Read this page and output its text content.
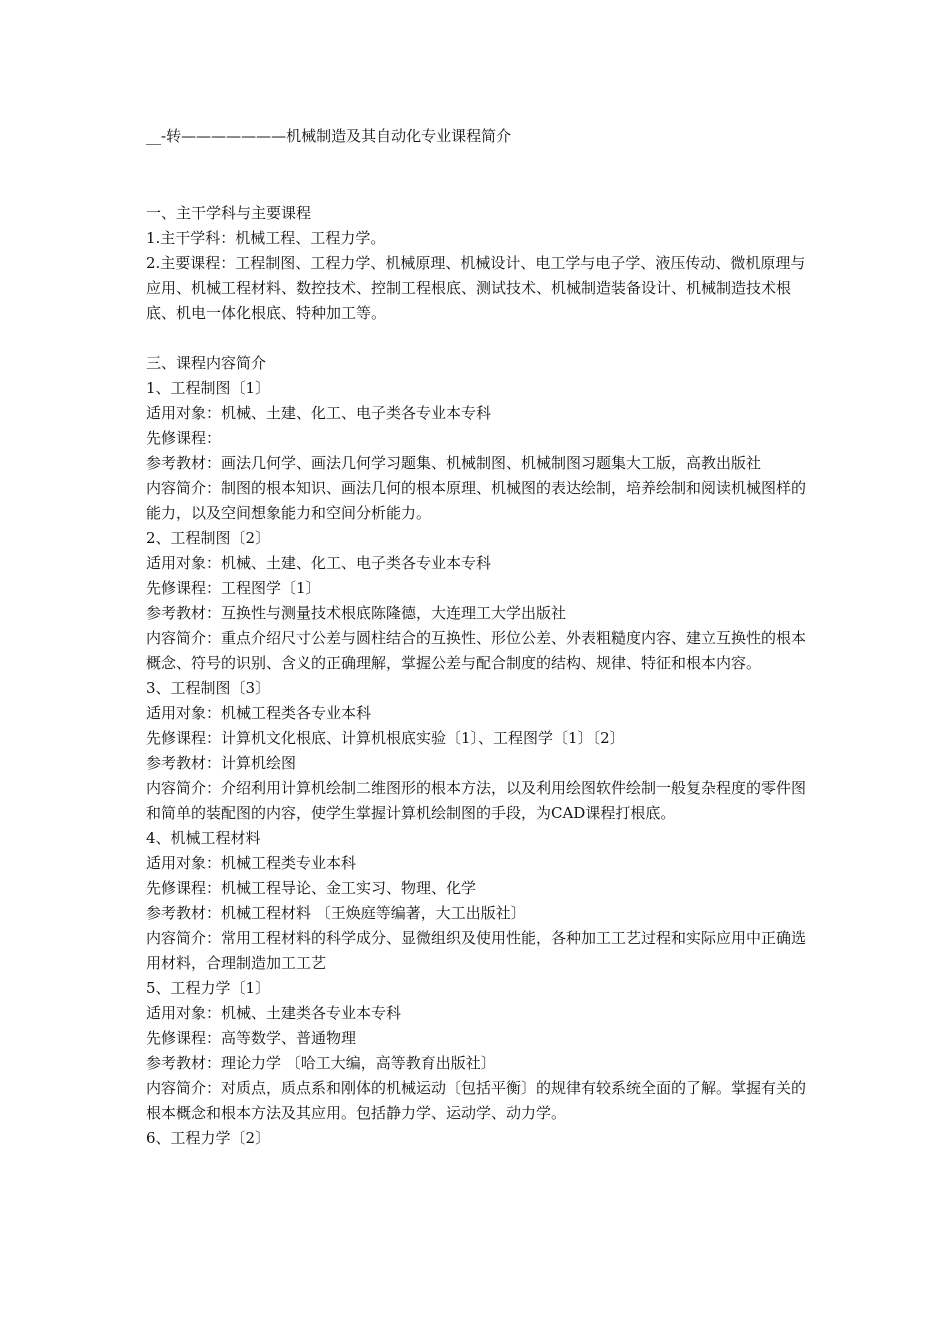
__-转———————机械制造及其自动化专业课程简介

一、主干学科与主要课程

1.主干学科：机械工程、工程力学。

2.主要课程：工程制图、工程力学、机械原理、机械设计、电工学与电子学、液压传动、微机原理与应用、机械工程材料、数控技术、控制工程根底、测试技术、机械制造装备设计、机械制造技术根底、机电一体化根底、特种加工等。

三、课程内容简介

1、工程制图〔1〕

适用对象：机械、土建、化工、电子类各专业本专科

先修课程：

参考教材：画法几何学、画法几何学习题集、机械制图、机械制图习题集大工版，高教出版社

内容简介：制图的根本知识、画法几何的根本原理、机械图的表达绘制，培养绘制和阅读机械图样的能力，以及空间想象能力和空间分析能力。

2、工程制图〔2〕

适用对象：机械、土建、化工、电子类各专业本专科

先修课程：工程图学〔1〕

参考教材：互换性与测量技术根底陈隆德，大连理工大学出版社

内容简介：重点介绍尺寸公差与圆柱结合的互换性、形位公差、外表粗糙度内容、建立互换性的根本概念、符号的识别、含义的正确理解，掌握公差与配合制度的结构、规律、特征和根本内容。

3、工程制图〔3〕

适用对象：机械工程类各专业本科

先修课程：计算机文化根底、计算机根底实验〔1〕、工程图学〔1〕〔2〕

参考教材：计算机绘图

内容简介：介绍利用计算机绘制二维图形的根本方法，以及利用绘图软件绘制一般复杂程度的零件图和简单的装配图的内容，使学生掌握计算机绘制图的手段，为CAD课程打根底。

4、机械工程材料

适用对象：机械工程类专业本科

先修课程：机械工程导论、金工实习、物理、化学

参考教材：机械工程材料 〔王焕庭等编著，大工出版社〕

内容简介：常用工程材料的科学成分、显微组织及使用性能，各种加工工艺过程和实际应用中正确选用材料，合理制造加工工艺

5、工程力学〔1〕

适用对象：机械、土建类各专业本专科

先修课程：高等数学、普通物理

参考教材：理论力学 〔哈工大编，高等教育出版社〕

内容简介：对质点，质点系和刚体的机械运动〔包括平衡〕的规律有较系统全面的了解。掌握有关的根本概念和根本方法及其应用。包括静力学、运动学、动力学。

6、工程力学〔2〕
